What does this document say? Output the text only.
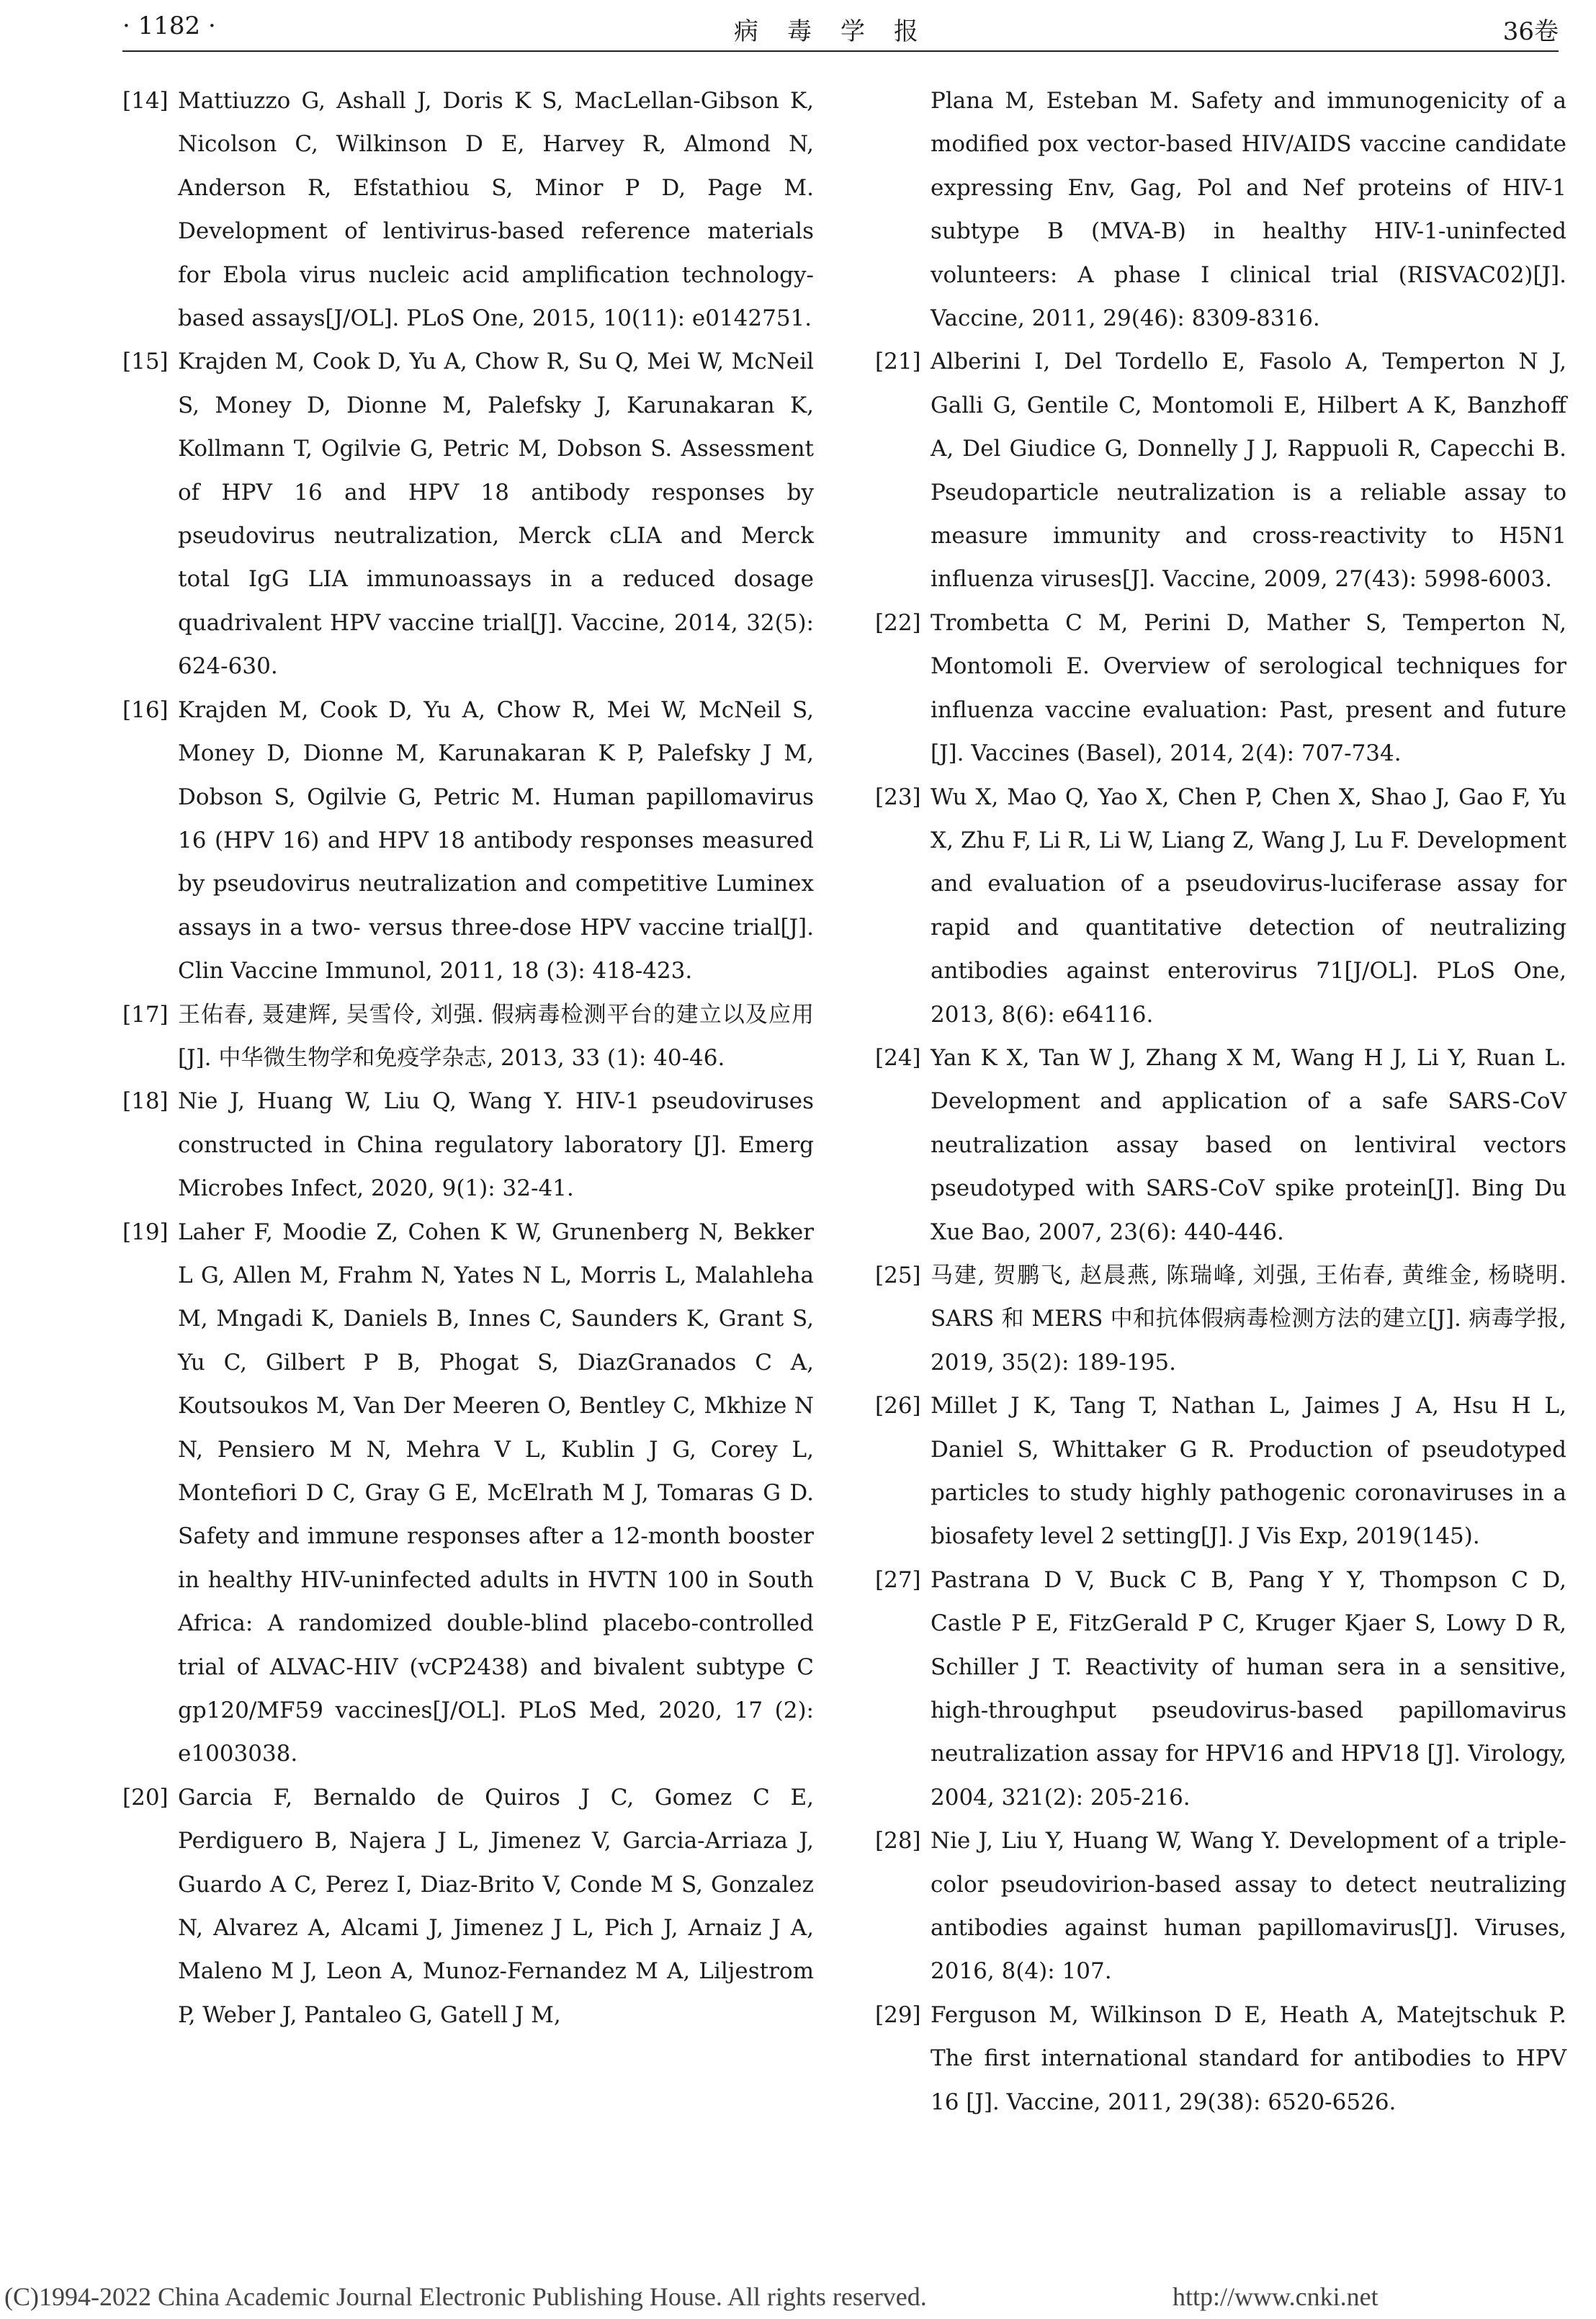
· 1182 ·	病毒学报	36卷
[14] Mattiuzzo G, Ashall J, Doris K S, MacLellan-Gibson K, Nicolson C, Wilkinson D E, Harvey R, Almond N, Anderson R, Efstathiou S, Minor P D, Page M. Development of lentivirus-based reference materials for Ebola virus nucleic acid amplification technology-based assays[J/OL]. PLoS One, 2015, 10(11): e0142751.
[15] Krajden M, Cook D, Yu A, Chow R, Su Q, Mei W, McNeil S, Money D, Dionne M, Palefsky J, Karunakaran K, Kollmann T, Ogilvie G, Petric M, Dobson S. Assessment of HPV 16 and HPV 18 antibody responses by pseudovirus neutralization, Merck cLIA and Merck total IgG LIA immunoassays in a reduced dosage quadrivalent HPV vaccine trial[J]. Vaccine, 2014, 32(5): 624-630.
[16] Krajden M, Cook D, Yu A, Chow R, Mei W, McNeil S, Money D, Dionne M, Karunakaran K P, Palefsky J M, Dobson S, Ogilvie G, Petric M. Human papillomavirus 16 (HPV 16) and HPV 18 antibody responses measured by pseudovirus neutralization and competitive Luminex assays in a two- versus three-dose HPV vaccine trial[J]. Clin Vaccine Immunol, 2011, 18 (3): 418-423.
[17] 王佑春, 聂建辉, 吴雪伶, 刘强. 假病毒检测平台的建立以及应用[J]. 中华微生物学和免疫学杂志, 2013, 33 (1): 40-46.
[18] Nie J, Huang W, Liu Q, Wang Y. HIV-1 pseudoviruses constructed in China regulatory laboratory [J]. Emerg Microbes Infect, 2020, 9(1): 32-41.
[19] Laher F, Moodie Z, Cohen K W, Grunenberg N, Bekker L G, Allen M, Frahm N, Yates N L, Morris L, Malahleha M, Mngadi K, Daniels B, Innes C, Saunders K, Grant S, Yu C, Gilbert P B, Phogat S, DiazGranados C A, Koutsoukos M, Van Der Meeren O, Bentley C, Mkhize N N, Pensiero M N, Mehra V L, Kublin J G, Corey L, Montefiori D C, Gray G E, McElrath M J, Tomaras G D. Safety and immune responses after a 12-month booster in healthy HIV-uninfected adults in HVTN 100 in South Africa: A randomized double-blind placebo-controlled trial of ALVAC-HIV (vCP2438) and bivalent subtype C gp120/MF59 vaccines[J/OL]. PLoS Med, 2020, 17 (2): e1003038.
[20] Garcia F, Bernaldo de Quiros J C, Gomez C E, Perdiguero B, Najera J L, Jimenez V, Garcia-Arriaza J, Guardo A C, Perez I, Diaz-Brito V, Conde M S, Gonzalez N, Alvarez A, Alcami J, Jimenez J L, Pich J, Arnaiz J A, Maleno M J, Leon A, Munoz-Fernandez M A, Liljestrom P, Weber J, Pantaleo G, Gatell J M,
Plana M, Esteban M. Safety and immunogenicity of a modified pox vector-based HIV/AIDS vaccine candidate expressing Env, Gag, Pol and Nef proteins of HIV-1 subtype B (MVA-B) in healthy HIV-1-uninfected volunteers: A phase I clinical trial (RISVAC02)[J]. Vaccine, 2011, 29(46): 8309-8316.
[21] Alberini I, Del Tordello E, Fasolo A, Temperton N J, Galli G, Gentile C, Montomoli E, Hilbert A K, Banzhoff A, Del Giudice G, Donnelly J J, Rappuoli R, Capecchi B. Pseudoparticle neutralization is a reliable assay to measure immunity and cross-reactivity to H5N1 influenza viruses[J]. Vaccine, 2009, 27(43): 5998-6003.
[22] Trombetta C M, Perini D, Mather S, Temperton N, Montomoli E. Overview of serological techniques for influenza vaccine evaluation: Past, present and future [J]. Vaccines (Basel), 2014, 2(4): 707-734.
[23] Wu X, Mao Q, Yao X, Chen P, Chen X, Shao J, Gao F, Yu X, Zhu F, Li R, Li W, Liang Z, Wang J, Lu F. Development and evaluation of a pseudovirus-luciferase assay for rapid and quantitative detection of neutralizing antibodies against enterovirus 71[J/OL]. PLoS One, 2013, 8(6): e64116.
[24] Yan K X, Tan W J, Zhang X M, Wang H J, Li Y, Ruan L. Development and application of a safe SARS-CoV neutralization assay based on lentiviral vectors pseudotyped with SARS-CoV spike protein[J]. Bing Du Xue Bao, 2007, 23(6): 440-446.
[25] 马建, 贺鹏飞, 赵晨燕, 陈瑞峰, 刘强, 王佑春, 黄维金, 杨晓明. SARS 和 MERS 中和抗体假病毒检测方法的建立[J]. 病毒学报, 2019, 35(2): 189-195.
[26] Millet J K, Tang T, Nathan L, Jaimes J A, Hsu H L, Daniel S, Whittaker G R. Production of pseudotyped particles to study highly pathogenic coronaviruses in a biosafety level 2 setting[J]. J Vis Exp, 2019(145).
[27] Pastrana D V, Buck C B, Pang Y Y, Thompson C D, Castle P E, FitzGerald P C, Kruger Kjaer S, Lowy D R, Schiller J T. Reactivity of human sera in a sensitive, high-throughput pseudovirus-based papillomavirus neutralization assay for HPV16 and HPV18 [J]. Virology, 2004, 321(2): 205-216.
[28] Nie J, Liu Y, Huang W, Wang Y. Development of a triple-color pseudovirion-based assay to detect neutralizing antibodies against human papillomavirus[J]. Viruses, 2016, 8(4): 107.
[29] Ferguson M, Wilkinson D E, Heath A, Matejtschuk P. The first international standard for antibodies to HPV 16 [J]. Vaccine, 2011, 29(38): 6520-6526.
(C)1994-2022 China Academic Journal Electronic Publishing House. All rights reserved.	http://www.cnki.net
